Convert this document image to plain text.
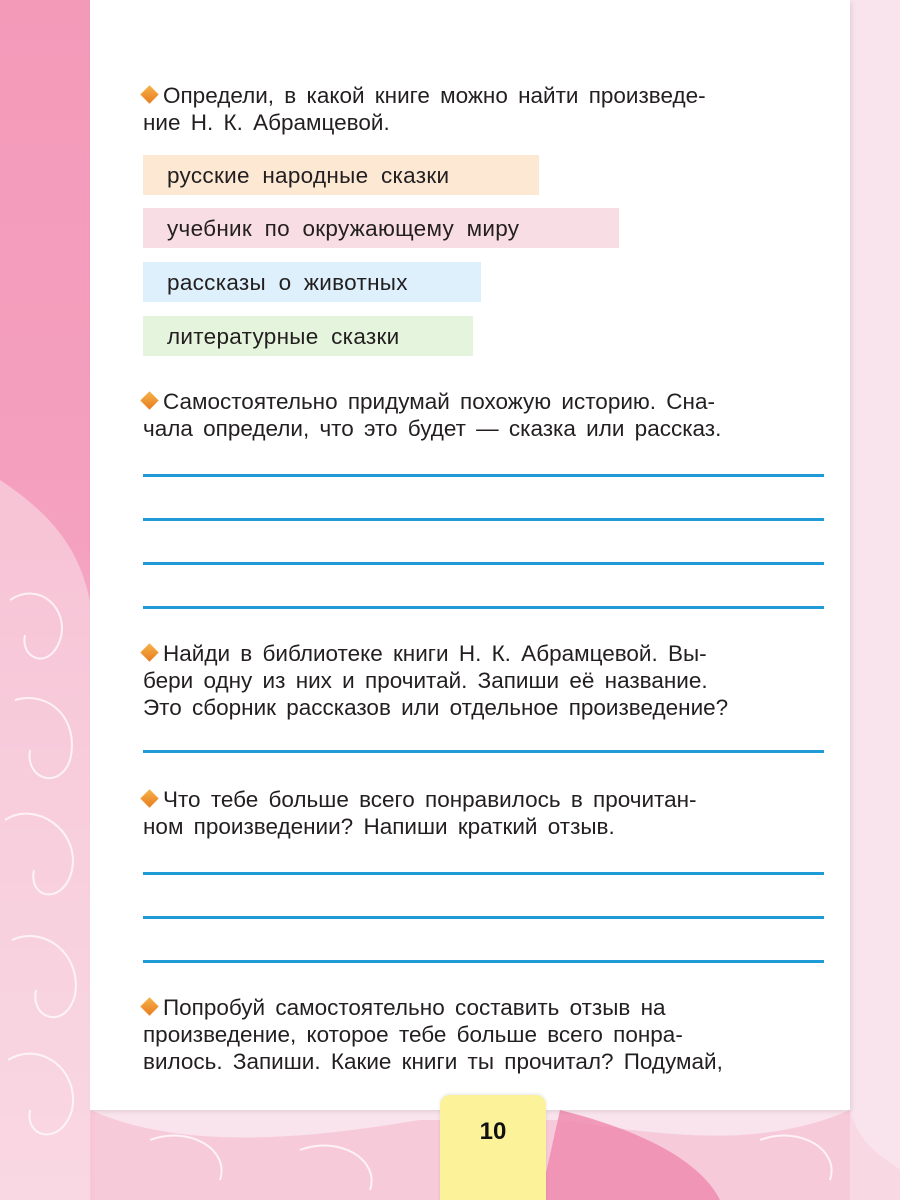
Определи, в какой книге можно найти произведе-
ние Н. К. Абрамцевой.
русские народные сказки
учебник по окружающему миру
рассказы о животных
литературные сказки
Самостоятельно придумай похожую историю. Сна-
чала определи, что это будет — сказка или рассказ.
Найди в библиотеке книги Н. К. Абрамцевой. Вы-
бери одну из них и прочитай. Запиши её название.
Это сборник рассказов или отдельное произведение?
Что тебе больше всего понравилось в прочитан-
ном произведении? Напиши краткий отзыв.
Попробуй самостоятельно составить отзыв на
произведение, которое тебе больше всего понра-
вилось. Запиши. Какие книги ты прочитал? Подумай,
10
